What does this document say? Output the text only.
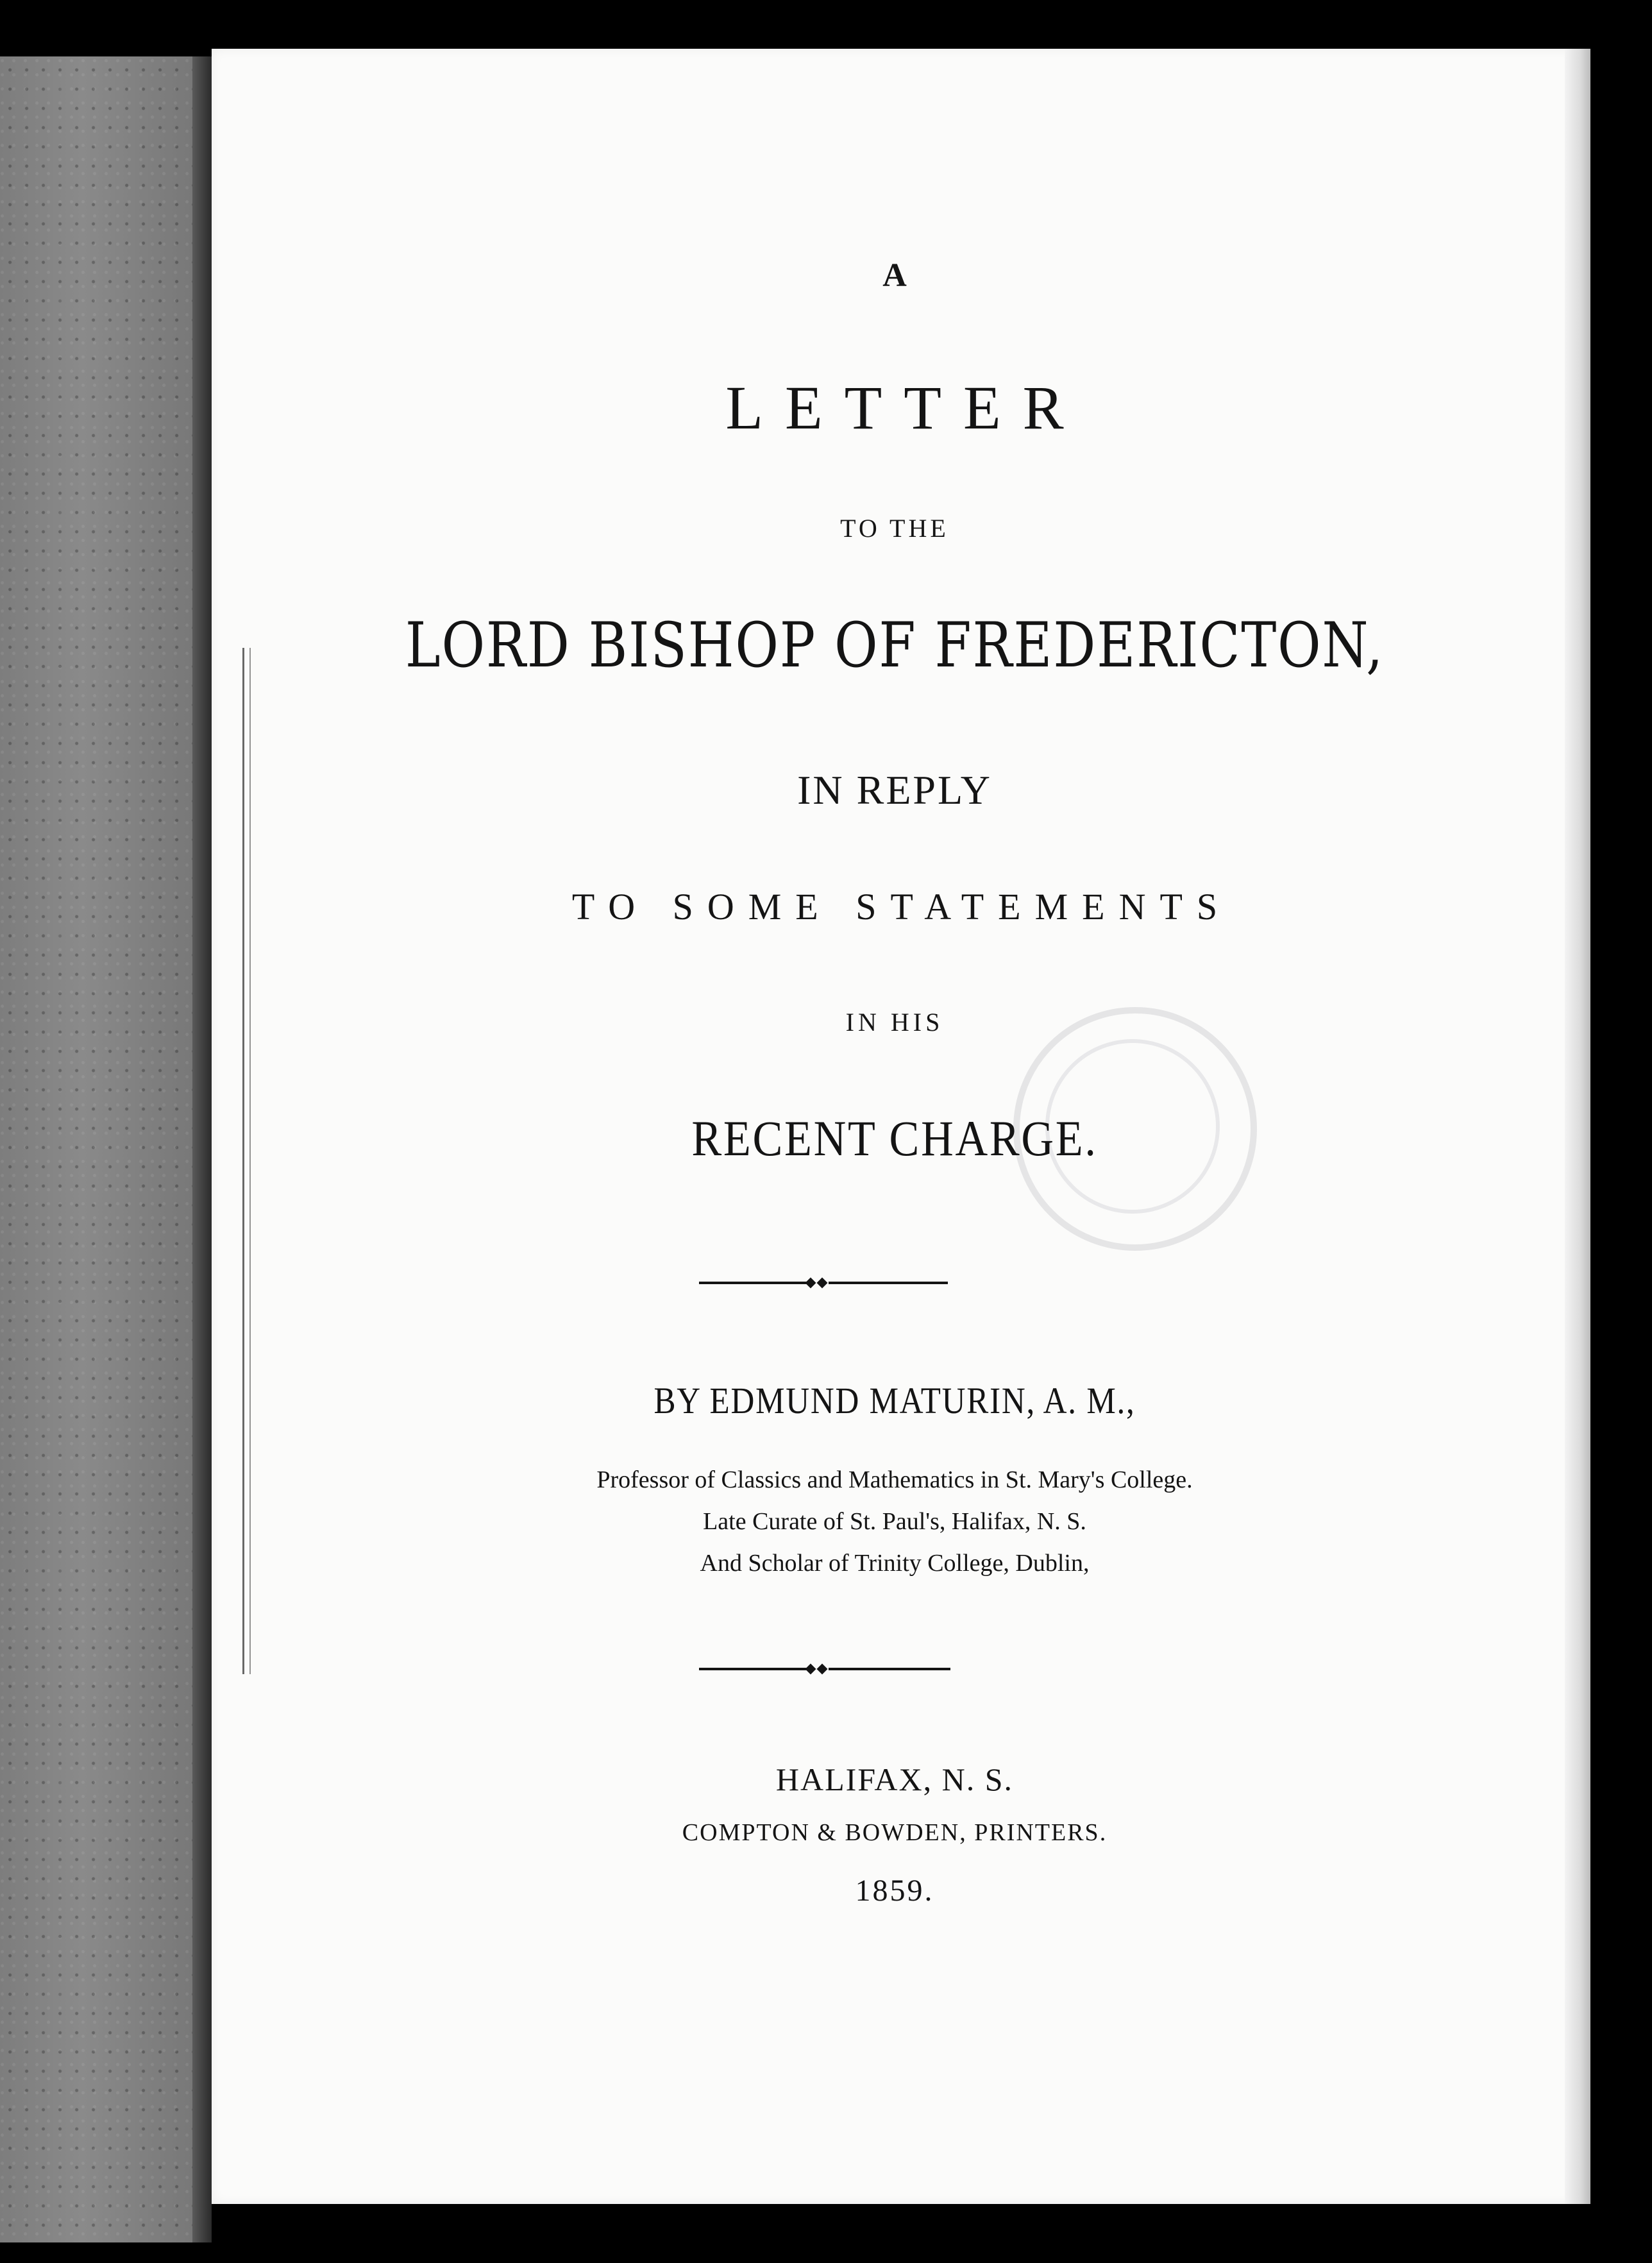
A
LETTER
TO THE
LORD BISHOP OF FREDERICTON,
IN REPLY
TO SOME STATEMENTS
IN HIS
RECENT CHARGE.
BY EDMUND MATURIN, A. M.,
Professor of Classics and Mathematics in St. Mary's College.
Late Curate of St. Paul's, Halifax, N. S.
And Scholar of Trinity College, Dublin,
HALIFAX, N. S.
COMPTON & BOWDEN, PRINTERS.
1859.
